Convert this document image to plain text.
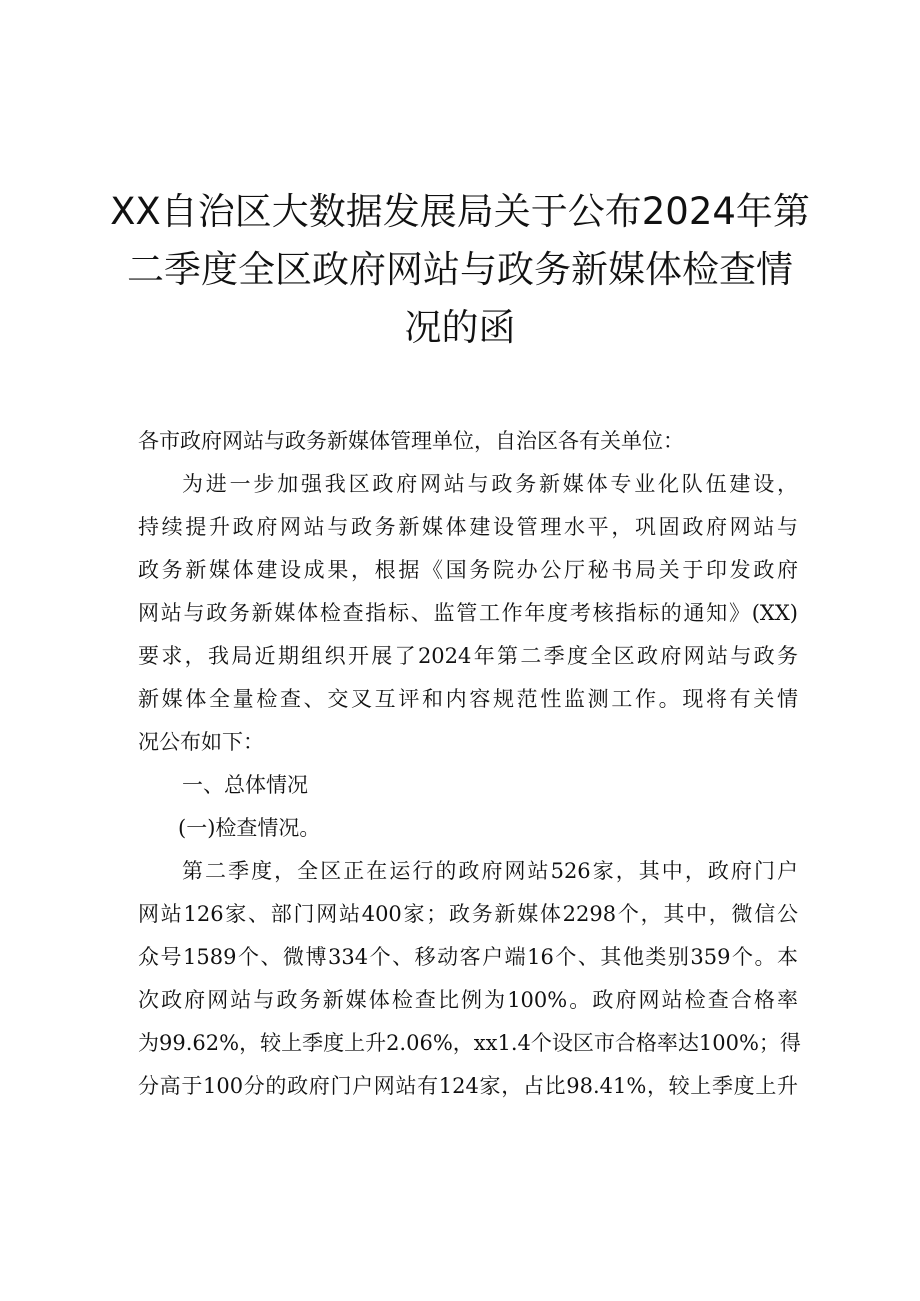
XX自治区大数据发展局关于公布2024年第
二季度全区政府网站与政务新媒体检查情
况的函
各市政府网站与政务新媒体管理单位，自治区各有关单位：
为进一步加强我区政府网站与政务新媒体专业化队伍建设，
持续提升政府网站与政务新媒体建设管理水平，巩固政府网站与
政务新媒体建设成果，根据《国务院办公厅秘书局关于印发政府
网站与政务新媒体检查指标、监管工作年度考核指标的通知》(XX)
要求，我局近期组织开展了2024年第二季度全区政府网站与政务
新媒体全量检查、交叉互评和内容规范性监测工作。现将有关情
况公布如下：
一、总体情况
(一)检查情况。
第二季度，全区正在运行的政府网站526家，其中，政府门户
网站126家、部门网站400家；政务新媒体2298个，其中，微信公
众号1589个、微博334个、移动客户端16个、其他类别359个。本
次政府网站与政务新媒体检查比例为100%。政府网站检查合格率
为99.62%，较上季度上升2.06%，xx1.4个设区市合格率达100%；得
分高于100分的政府门户网站有124家，占比98.41%，较上季度上升
